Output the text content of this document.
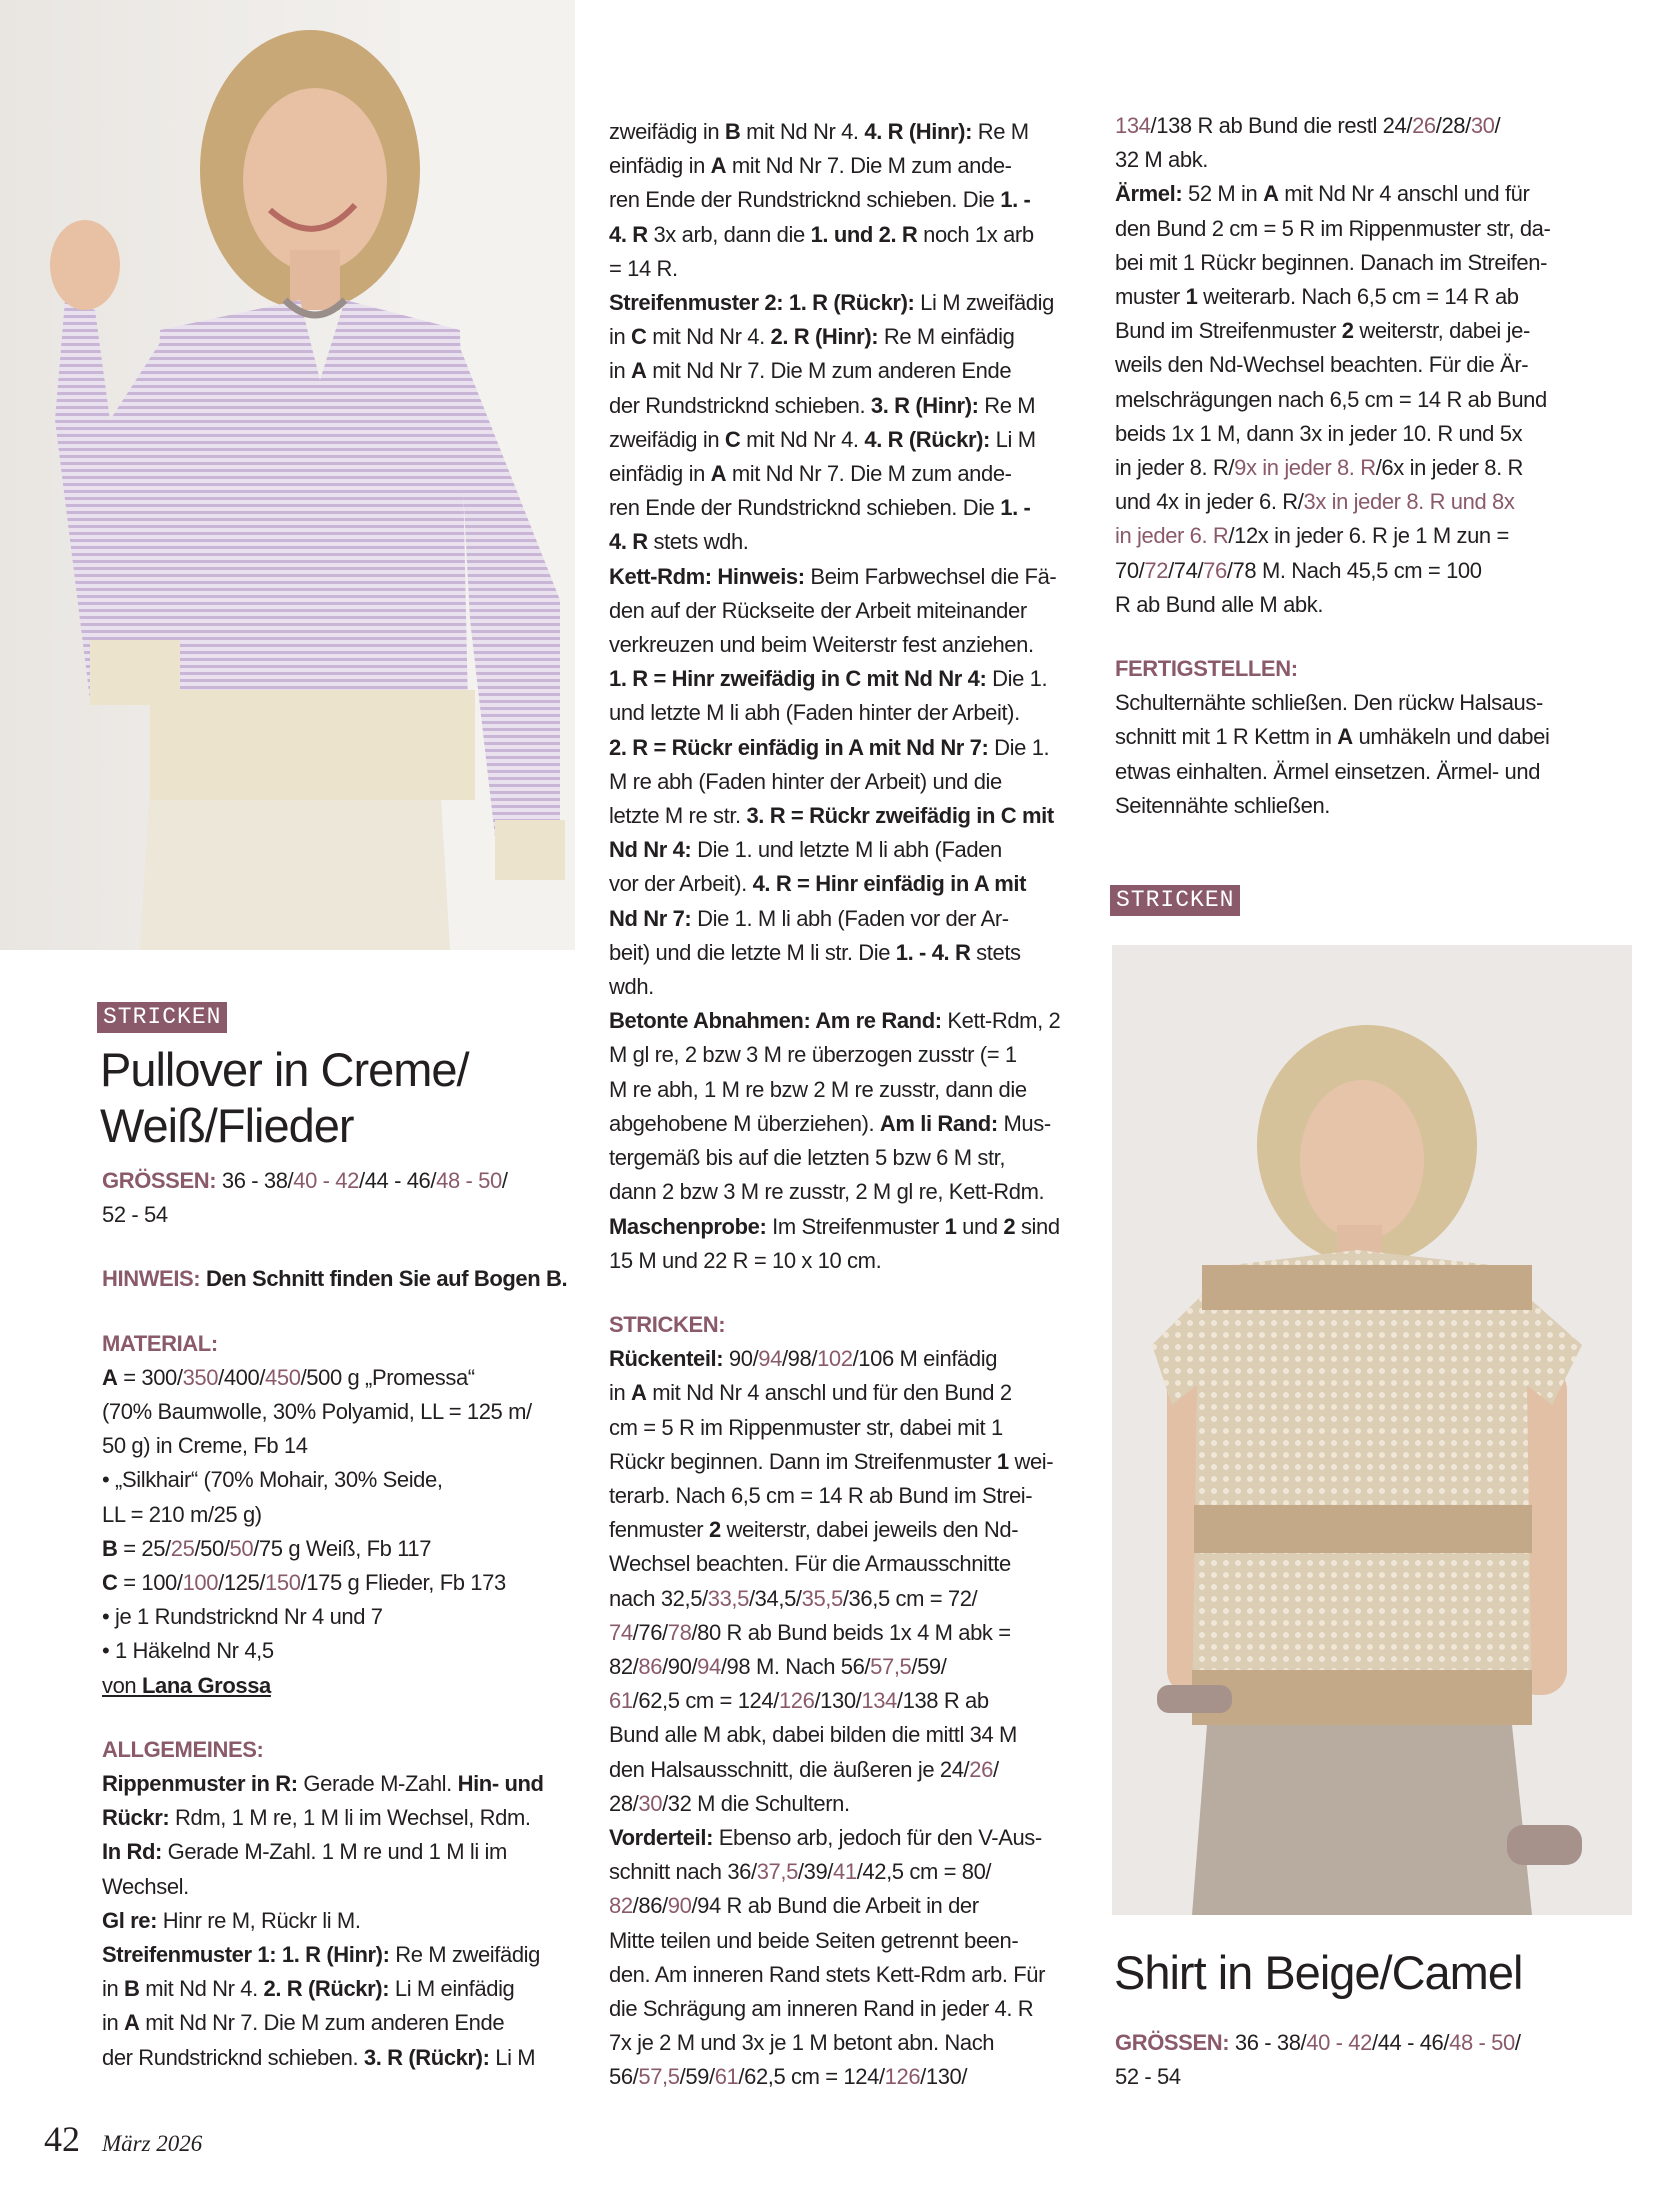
STRICKEN
Pullover in Creme/
Weiß/Flieder

GRÖSSEN: 36 - 38/40 - 42/44 - 46/48 - 50/

52 - 54

HINWEIS: Den Schnitt finden Sie auf Bogen B.

MATERIAL:

A = 300/350/400/450/500 g „Promessa“

(70% Baumwolle, 30% Polyamid, LL = 125 m/

50 g) in Creme, Fb 14

• „Silkhair“ (70% Mohair, 30% Seide,

LL = 210 m/25 g)

B = 25/25/50/50/75 g Weiß, Fb 117

C = 100/100/125/150/175 g Flieder, Fb 173

• je 1 Rundstricknd Nr 4 und 7

• 1 Häkelnd Nr 4,5

von Lana Grossa

ALLGEMEINES:

Rippenmuster in R: Gerade M-Zahl. Hin- und

Rückr: Rdm, 1 M re, 1 M li im Wechsel, Rdm.

In Rd: Gerade M-Zahl. 1 M re und 1 M li im

Wechsel.

Gl re: Hinr re M, Rückr li M.

Streifenmuster 1: 1. R (Hinr): Re M zweifädig

in B mit Nd Nr 4. 2. R (Rückr): Li M einfädig

in A mit Nd Nr 7. Die M zum anderen Ende

der Rundstricknd schieben. 3. R (Rückr): Li M

zweifädig in B mit Nd Nr 4. 4. R (Hinr): Re M

einfädig in A mit Nd Nr 7. Die M zum ande-

ren Ende der Rundstricknd schieben. Die 1. -

4. R 3x arb, dann die 1. und 2. R noch 1x arb

= 14 R.

Streifenmuster 2: 1. R (Rückr): Li M zweifädig

in C mit Nd Nr 4. 2. R (Hinr): Re M einfädig

in A mit Nd Nr 7. Die M zum anderen Ende

der Rundstricknd schieben. 3. R (Hinr): Re M

zweifädig in C mit Nd Nr 4. 4. R (Rückr): Li M

einfädig in A mit Nd Nr 7. Die M zum ande-

ren Ende der Rundstricknd schieben. Die 1. -

4. R stets wdh.

Kett-Rdm: Hinweis: Beim Farbwechsel die Fä-

den auf der Rückseite der Arbeit miteinander

verkreuzen und beim Weiterstr fest anziehen.

1. R = Hinr zweifädig in C mit Nd Nr 4: Die 1.

und letzte M li abh (Faden hinter der Arbeit).

2. R = Rückr einfädig in A mit Nd Nr 7: Die 1.

M re abh (Faden hinter der Arbeit) und die

letzte M re str. 3. R = Rückr zweifädig in C mit

Nd Nr 4: Die 1. und letzte M li abh (Faden

vor der Arbeit). 4. R = Hinr einfädig in A mit

Nd Nr 7: Die 1. M li abh (Faden vor der Ar-

beit) und die letzte M li str. Die 1. - 4. R stets

wdh.

Betonte Abnahmen: Am re Rand: Kett-Rdm, 2

M gl re, 2 bzw 3 M re überzogen zusstr (= 1

M re abh, 1 M re bzw 2 M re zusstr, dann die

abgehobene M überziehen). Am li Rand: Mus-

tergemäß bis auf die letzten 5 bzw 6 M str,

dann 2 bzw 3 M re zusstr, 2 M gl re, Kett-Rdm.

Maschenprobe: Im Streifenmuster 1 und 2 sind

15 M und 22 R = 10 x 10 cm.

STRICKEN:

Rückenteil: 90/94/98/102/106 M einfädig

in A mit Nd Nr 4 anschl und für den Bund 2

cm = 5 R im Rippenmuster str, dabei mit 1

Rückr beginnen. Dann im Streifenmuster 1 wei-

terarb. Nach 6,5 cm = 14 R ab Bund im Strei-

fenmuster 2 weiterstr, dabei jeweils den Nd-

Wechsel beachten. Für die Armausschnitte

nach 32,5/33,5/34,5/35,5/36,5 cm = 72/

74/76/78/80 R ab Bund beids 1x 4 M abk =

82/86/90/94/98 M. Nach 56/57,5/59/

61/62,5 cm = 124/126/130/134/138 R ab

Bund alle M abk, dabei bilden die mittl 34 M

den Halsausschnitt, die äußeren je 24/26/

28/30/32 M die Schultern.

Vorderteil: Ebenso arb, jedoch für den V-Aus-

schnitt nach 36/37,5/39/41/42,5 cm = 80/

82/86/90/94 R ab Bund die Arbeit in der

Mitte teilen und beide Seiten getrennt been-

den. Am inneren Rand stets Kett-Rdm arb. Für

die Schrägung am inneren Rand in jeder 4. R

7x je 2 M und 3x je 1 M betont abn. Nach

56/57,5/59/61/62,5 cm = 124/126/130/

134/138 R ab Bund die restl 24/26/28/30/

32 M abk.

Ärmel: 52 M in A mit Nd Nr 4 anschl und für

den Bund 2 cm = 5 R im Rippenmuster str, da-

bei mit 1 Rückr beginnen. Danach im Streifen-

muster 1 weiterarb. Nach 6,5 cm = 14 R ab

Bund im Streifenmuster 2 weiterstr, dabei je-

weils den Nd-Wechsel beachten. Für die Är-

melschrägungen nach 6,5 cm = 14 R ab Bund

beids 1x 1 M, dann 3x in jeder 10. R und 5x

in jeder 8. R/9x in jeder 8. R/6x in jeder 8. R

und 4x in jeder 6. R/3x in jeder 8. R und 8x

in jeder 6. R/12x in jeder 6. R je 1 M zun =

70/72/74/76/78 M. Nach 45,5 cm = 100

R ab Bund alle M abk.

FERTIGSTELLEN:

Schulternähte schließen. Den rückw Halsaus-

schnitt mit 1 R Kettm in A umhäkeln und dabei

etwas einhalten. Ärmel einsetzen. Ärmel- und

Seitennähte schließen.

STRICKEN
Shirt in Beige/Camel

GRÖSSEN: 36 - 38/40 - 42/44 - 46/48 - 50/

52 - 54

42 März 2026
